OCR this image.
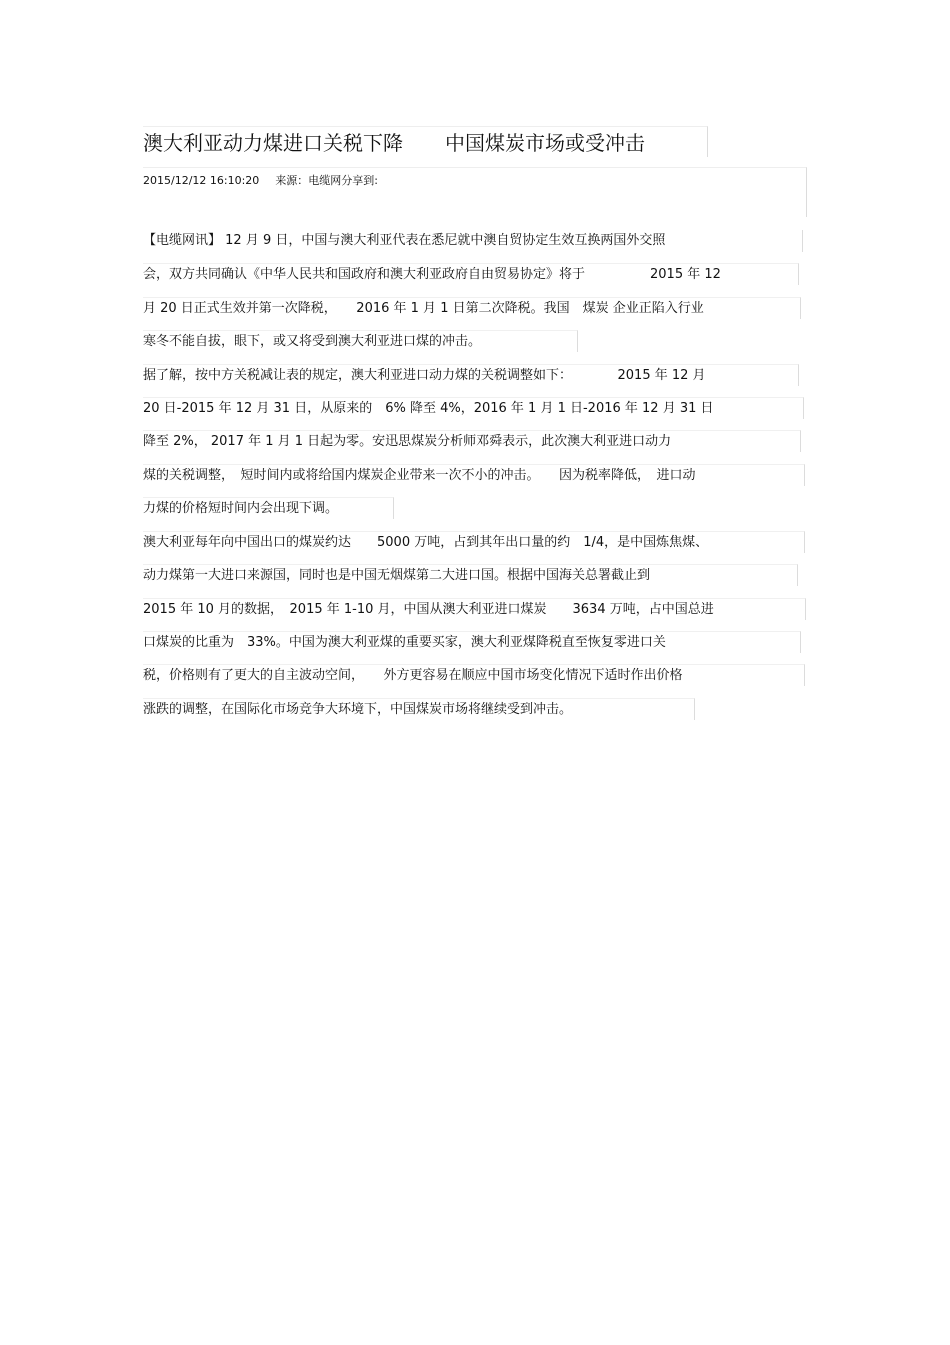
澳大利亚动力煤进口关税下降 中国煤炭市场或受冲击
2015/12/12 16:10:20 来源：电缆网分享到:
【电缆网讯】 12 月 9 日，中国与澳大利亚代表在悉尼就中澳自贸协定生效互换两国外交照
会，双方共同确认《中华人民共和国政府和澳大利亚政府自由贸易协定》将于　　　　　2015 年 12
月 20 日正式生效并第一次降税，　　2016 年 1 月 1 日第二次降税。我国　煤炭 企业正陷入行业
寒冬不能自拔，眼下，或又将受到澳大利亚进口煤的冲击。
据了解，按中方关税减让表的规定，澳大利亚进口动力煤的关税调整如下：　　　　2015 年 12 月
20 日-2015 年 12 月 31 日，从原来的　6% 降至 4%，2016 年 1 月 1 日-2016 年 12 月 31 日
降至 2%， 2017 年 1 月 1 日起为零。安迅思煤炭分析师邓舜表示，此次澳大利亚进口动力
煤的关税调整，　短时间内或将给国内煤炭企业带来一次不小的冲击。　　因为税率降低，　进口动
力煤的价格短时间内会出现下调。
澳大利亚每年向中国出口的煤炭约达　　5000 万吨，占到其年出口量的约　1/4，是中国炼焦煤、
动力煤第一大进口来源国，同时也是中国无烟煤第二大进口国。根据中国海关总署截止到
2015 年 10 月的数据，　2015 年 1-10 月，中国从澳大利亚进口煤炭　　3634 万吨，占中国总进
口煤炭的比重为　33%。中国为澳大利亚煤的重要买家，澳大利亚煤降税直至恢复零进口关
税，价格则有了更大的自主波动空间，　　外方更容易在顺应中国市场变化情况下适时作出价格
涨跌的调整，在国际化市场竞争大环境下，中国煤炭市场将继续受到冲击。
